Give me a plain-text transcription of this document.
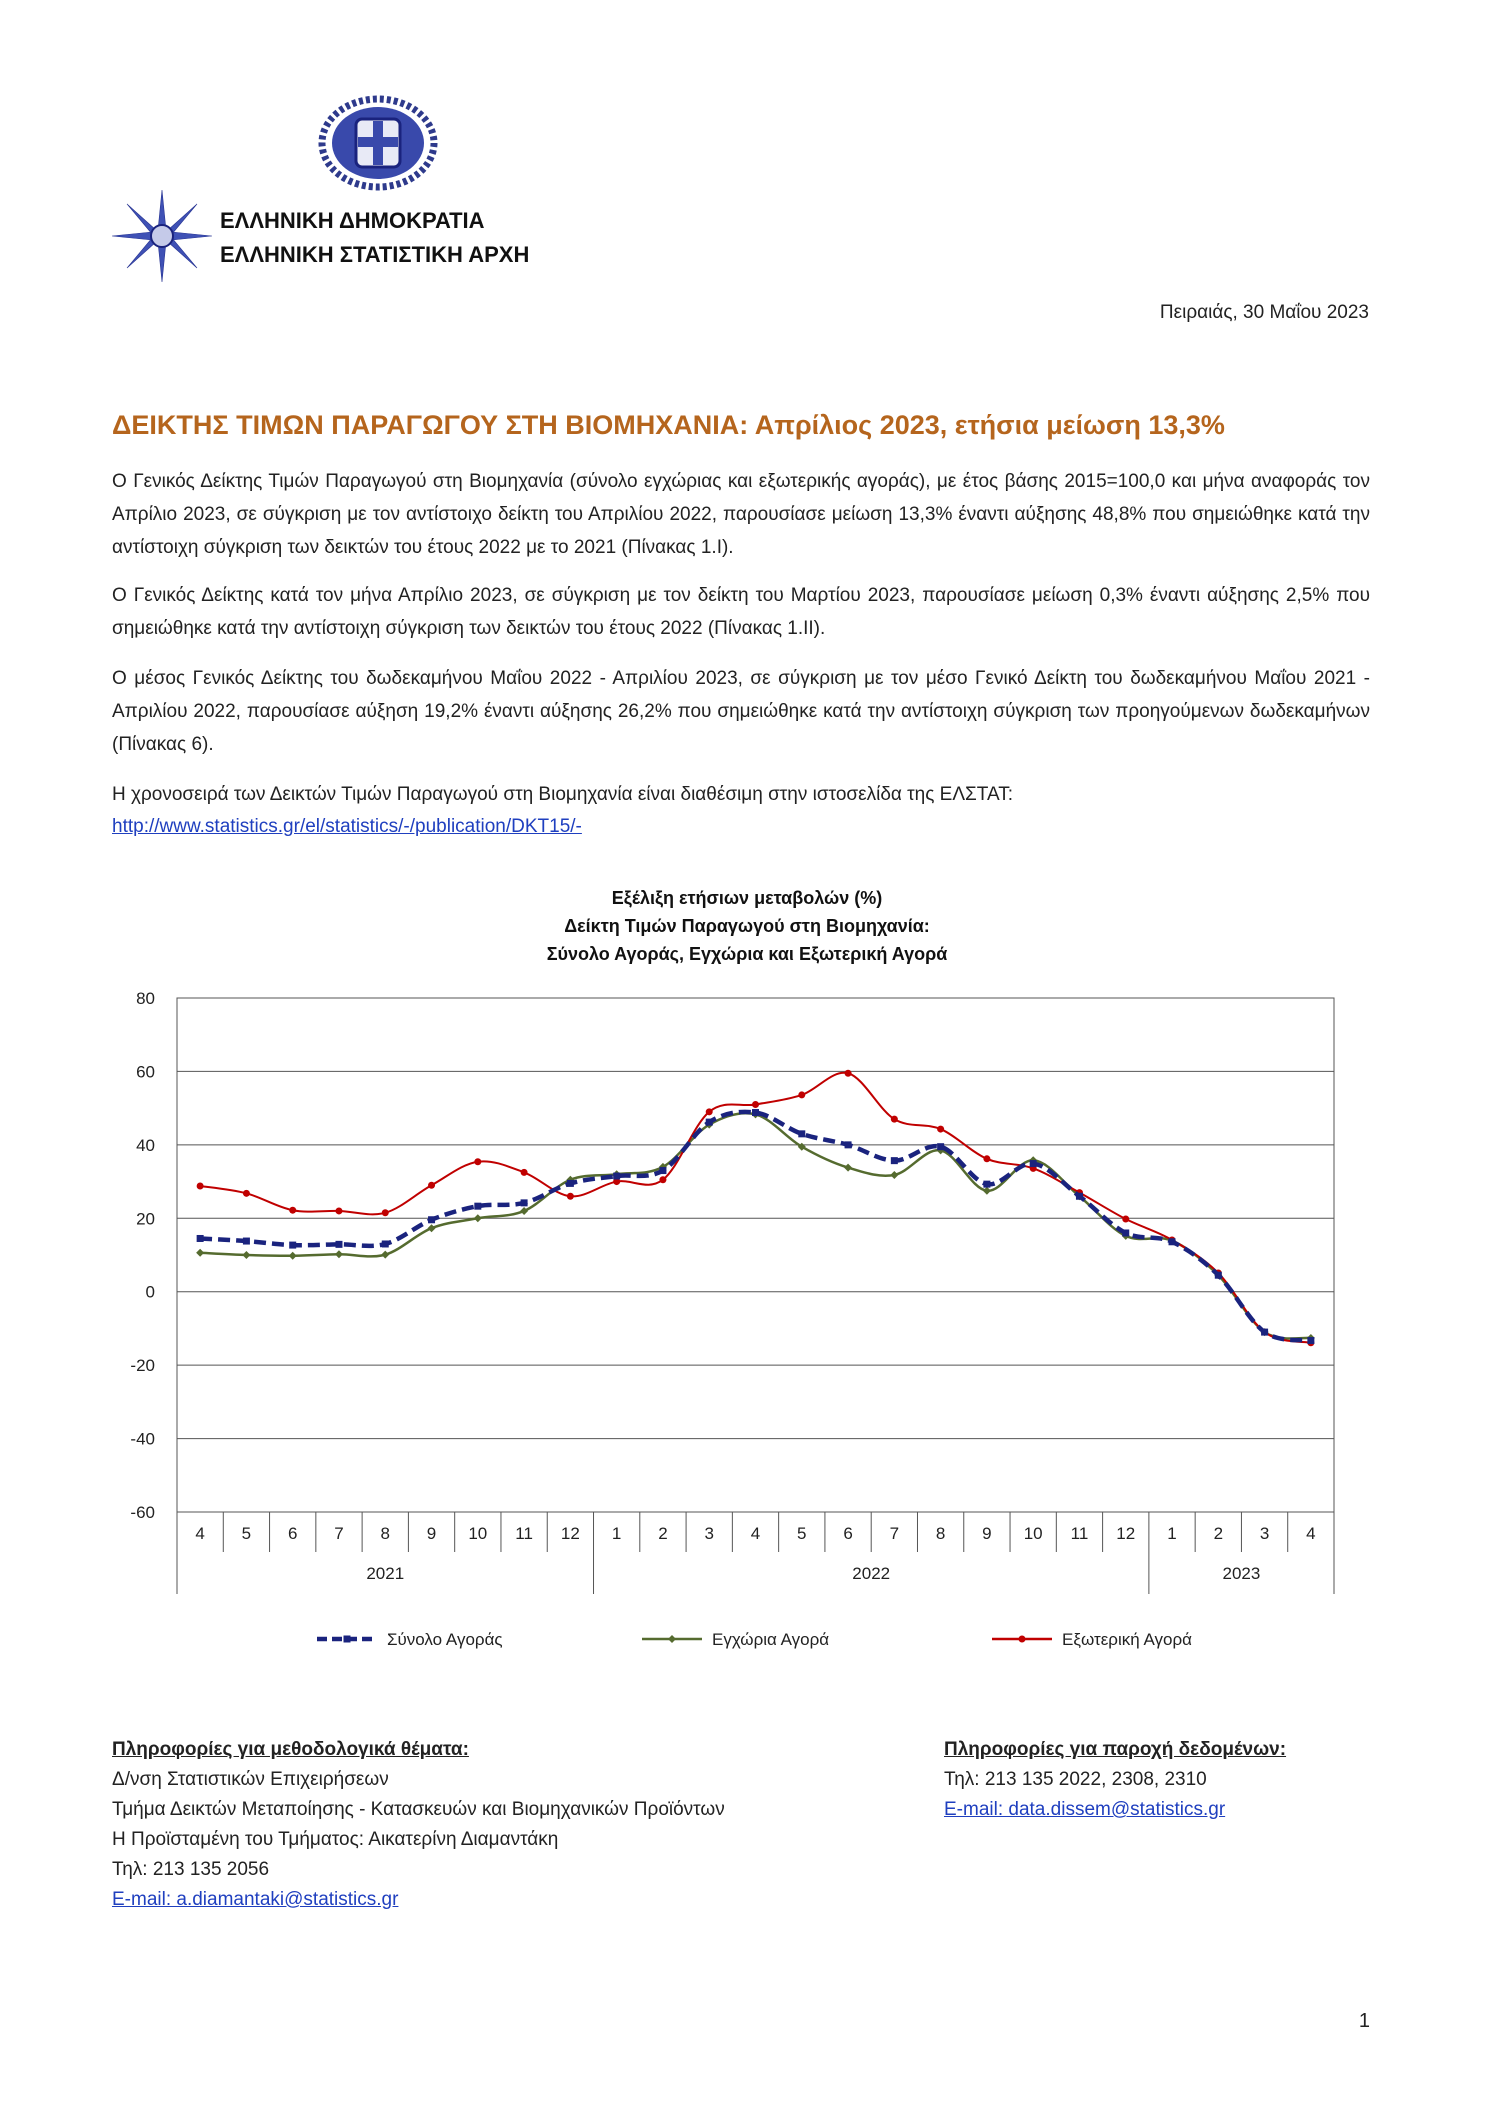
ΕΛΛΗΝΙΚΗ ΔΗΜΟΚΡΑΤΙΑ
ΕΛΛΗΝΙΚΗ ΣΤΑΤΙΣΤΙΚΗ ΑΡΧΗ
Πειραιάς, 30 Μαΐου 2023
ΔΕΙΚΤΗΣ ΤΙΜΩΝ ΠΑΡΑΓΩΓΟΥ ΣΤΗ ΒΙΟΜΗΧΑΝΙΑ: Απρίλιος 2023, ετήσια μείωση 13,3%

Ο Γενικός Δείκτης Τιμών Παραγωγού στη Βιομηχανία (σύνολο εγχώριας και εξωτερικής αγοράς), με έτος βάσης 2015=100,0 και μήνα αναφοράς τον Απρίλιο 2023, σε σύγκριση με τον αντίστοιχο δείκτη του Απριλίου 2022, παρουσίασε μείωση 13,3% έναντι αύξησης 48,8% που σημειώθηκε κατά την αντίστοιχη σύγκριση των δεικτών του έτους 2022 με το 2021 (Πίνακας 1.Ι).

Ο Γενικός Δείκτης κατά τον μήνα Απρίλιο 2023, σε σύγκριση με τον δείκτη του Μαρτίου 2023, παρουσίασε μείωση 0,3% έναντι αύξησης 2,5% που σημειώθηκε κατά την αντίστοιχη σύγκριση των δεικτών του έτους 2022 (Πίνακας 1.ΙΙ).

Ο μέσος Γενικός Δείκτης του δωδεκαμήνου Μαΐου 2022 - Απριλίου 2023, σε σύγκριση με τον μέσο Γενικό Δείκτη του δωδεκαμήνου Μαΐου 2021 - Απριλίου 2022, παρουσίασε αύξηση 19,2% έναντι αύξησης 26,2% που σημειώθηκε κατά την αντίστοιχη σύγκριση των προηγούμενων δωδεκαμήνων (Πίνακας 6).

Η χρονοσειρά των Δεικτών Τιμών Παραγωγού στη Βιομηχανία είναι διαθέσιμη στην ιστοσελίδα της ΕΛΣΤΑΤ:

http://www.statistics.gr/el/statistics/-/publication/DKT15/-
Εξέλιξη ετήσιων μεταβολών (%)
Δείκτη Τιμών Παραγωγού στη Βιομηχανία:
Σύνολο Αγοράς, Εγχώρια και Εξωτερική Αγορά
80
60
40
20
0
-20
-40
-60
4 5 6 7 8 9 10 11 12 1 2 3 4 5 6 7 8 9 10 11 12 1 2 3 4
2021	2022	2023
Σύνολο Αγοράς	Εγχώρια Αγορά	Εξωτερική Αγορά
Πληροφορίες για μεθοδολογικά θέματα:
Δ/νση Στατιστικών Επιχειρήσεων
Τμήμα Δεικτών Μεταποίησης - Κατασκευών και Βιομηχανικών Προϊόντων
Η Προϊσταμένη του Τμήματος: Αικατερίνη Διαμαντάκη
Τηλ: 213 135 2056
E-mail: a.diamantaki@statistics.gr
Πληροφορίες για παροχή δεδομένων:
Τηλ: 213 135 2022, 2308, 2310
E-mail: data.dissem@statistics.gr
1
